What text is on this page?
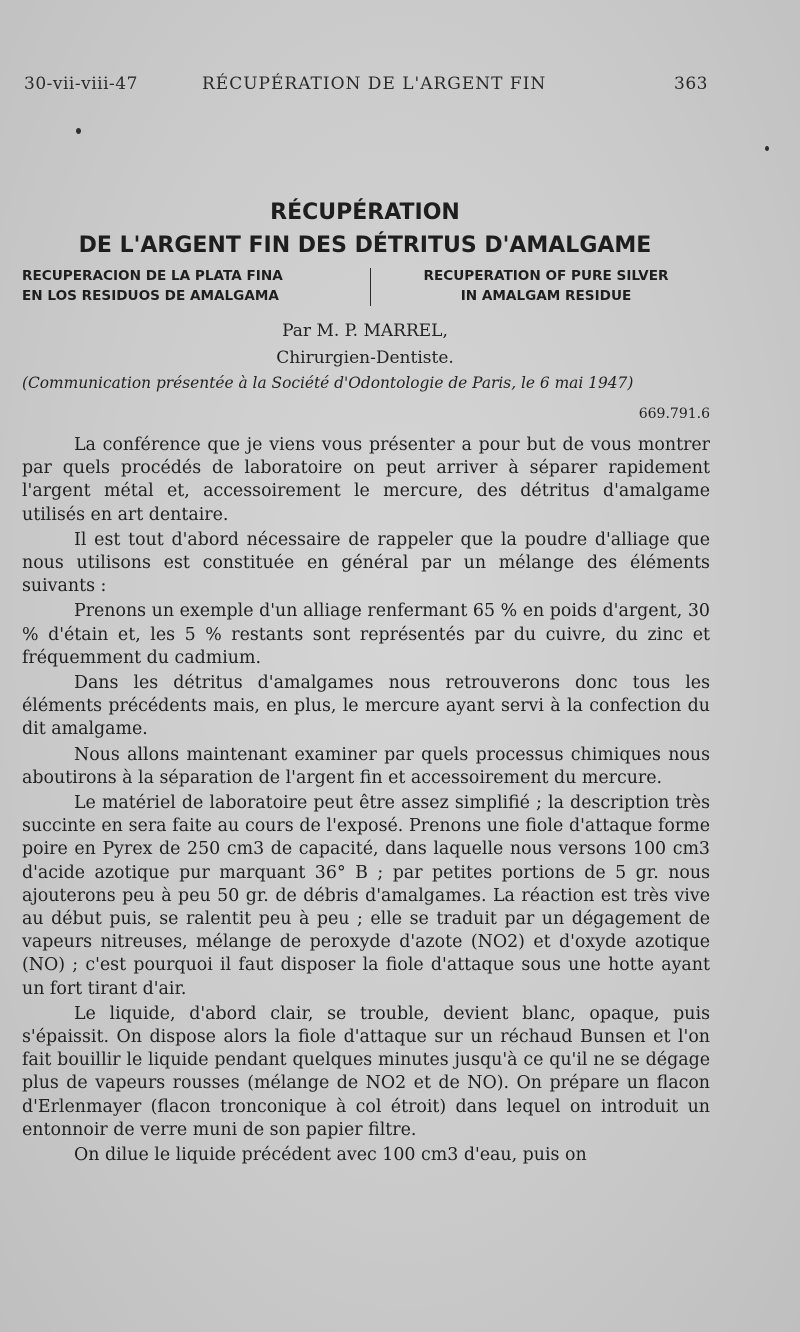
30-vii-viii-47	RÉCUPÉRATION DE L'ARGENT FIN	363
RÉCUPÉRATION
DE L'ARGENT FIN DES DÉTRITUS D'AMALGAME
RECUPERACION DE LA PLATA FINA
EN LOS RESIDUOS DE AMALGAMA
RECUPERATION OF PURE SILVER
IN AMALGAM RESIDUE
Par M. P. MARREL,
Chirurgien-Dentiste.
(Communication présentée à la Société d'Odontologie de Paris, le 6 mai 1947)
669.791.6

La conférence que je viens vous présenter a pour but de vous montrer par quels procédés de laboratoire on peut arriver à séparer rapidement l'argent métal et, accessoirement le mercure, des détritus d'amalgame utilisés en art dentaire.

Il est tout d'abord nécessaire de rappeler que la poudre d'alliage que nous utilisons est constituée en général par un mélange des éléments suivants :

Prenons un exemple d'un alliage renfermant 65 % en poids d'argent, 30 % d'étain et, les 5 % restants sont représentés par du cuivre, du zinc et fréquemment du cadmium.

Dans les détritus d'amalgames nous retrouverons donc tous les éléments précédents mais, en plus, le mercure ayant servi à la confection du dit amalgame.

Nous allons maintenant examiner par quels processus chimiques nous aboutirons à la séparation de l'argent fin et accessoirement du mercure.

Le matériel de laboratoire peut être assez simplifié ; la description très succinte en sera faite au cours de l'exposé. Prenons une fiole d'attaque forme poire en Pyrex de 250 cm3 de capacité, dans laquelle nous versons 100 cm3 d'acide azotique pur marquant 36° B ; par petites portions de 5 gr. nous ajouterons peu à peu 50 gr. de débris d'amalgames. La réaction est très vive au début puis, se ralentit peu à peu ; elle se traduit par un dégagement de vapeurs nitreuses, mélange de peroxyde d'azote (NO2) et d'oxyde azotique (NO) ; c'est pourquoi il faut disposer la fiole d'attaque sous une hotte ayant un fort tirant d'air.

Le liquide, d'abord clair, se trouble, devient blanc, opaque, puis s'épaissit. On dispose alors la fiole d'attaque sur un réchaud Bunsen et l'on fait bouillir le liquide pendant quelques minutes jusqu'à ce qu'il ne se dégage plus de vapeurs rousses (mélange de NO2 et de NO). On prépare un flacon d'Erlenmayer (flacon tronconique à col étroit) dans lequel on introduit un entonnoir de verre muni de son papier filtre.

On dilue le liquide précédent avec 100 cm3 d'eau, puis on
